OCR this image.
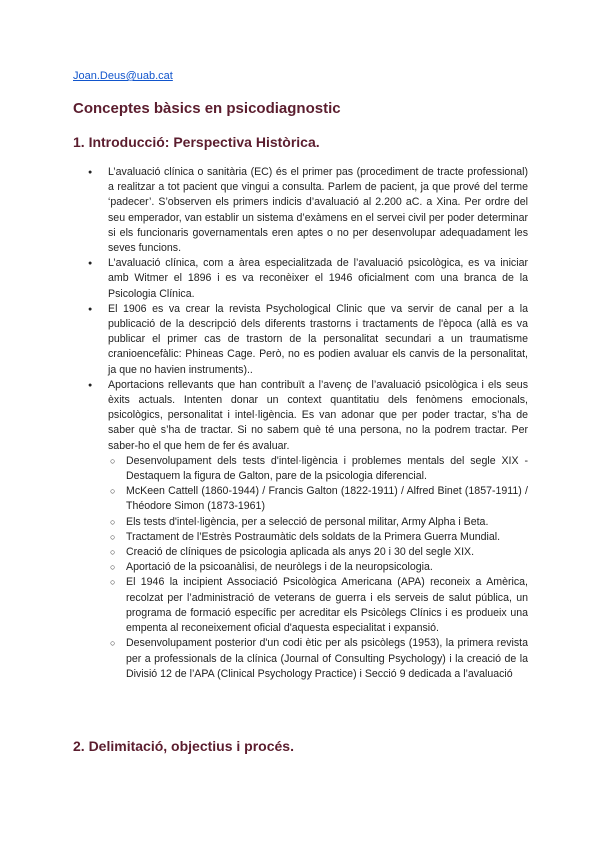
Joan.Deus@uab.cat
Conceptes bàsics en psicodiagnostic
1. Introducció: Perspectiva Històrica.
● L’avaluació clínica o sanitària (EC) és el primer pas (procediment de tracte professional) a realitzar a tot pacient que vingui a consulta. Parlem de pacient, ja que prové del terme ‘padecer’. S’observen els primers indicis d’avaluació al 2.200 aC. a Xina. Per ordre del seu emperador, van establir un sistema d’exàmens en el servei civil per poder determinar si els funcionaris governamentals eren aptes o no per desenvolupar adequadament les seves funcions.
● L’avaluació clínica, com a àrea especialitzada de l’avaluació psicològica, es va iniciar amb Witmer el 1896 i es va reconèixer el 1946 oficialment com una branca de la Psicologia Clínica.
● El 1906 es va crear la revista Psychological Clinic que va servir de canal per a la publicació de la descripció dels diferents trastorns i tractaments de l'època (allà es va publicar el primer cas de trastorn de la personalitat secundari a un traumatisme cranioencefàlic: Phineas Cage. Però, no es podien avaluar els canvis de la personalitat, ja que no havien instruments)..
● Aportacions rellevants que han contribuït a l’avenç de l’avaluació psicològica i els seus èxits actuals. Intenten donar un context quantitatiu dels fenòmens emocionals, psicològics, personalitat i intel·ligència. Es van adonar que per poder tractar, s’ha de saber què s’ha de tractar. Si no sabem què té una persona, no la podrem tractar. Per saber-ho el que hem de fer és avaluar.
○ Desenvolupament dels tests d'intel·ligència i problemes mentals del segle XIX - Destaquem la figura de Galton, pare de la psicologia diferencial.
○ McKeen Cattell (1860-1944) / Francis Galton (1822-1911) / Alfred Binet (1857-1911) / Théodore Simon (1873-1961)
○ Els tests d'intel·ligència, per a selecció de personal militar, Army Alpha i Beta.
○ Tractament de l’Estrès Postraumàtic dels soldats de la Primera Guerra Mundial.
○ Creació de clíniques de psicologia aplicada als anys 20 i 30 del segle XIX.
○ Aportació de la psicoanàlisi, de neuròlegs i de la neuropsicologia.
○ El 1946 la incipient Associació Psicològica Americana (APA) reconeix a Amèrica, recolzat per l’administració de veterans de guerra i els serveis de salut pública, un programa de formació específic per acreditar els Psicòlegs Clínics i es produeix una empenta al reconeixement oficial d'aquesta especialitat i expansió.
○ Desenvolupament posterior d'un codi ètic per als psicòlegs (1953), la primera revista per a professionals de la clínica (Journal of Consulting Psychology) i la creació de la Divisió 12 de l’APA (Clinical Psychology Practice) i Secció 9 dedicada a l’avaluació
2. Delimitació, objectius i procés.
